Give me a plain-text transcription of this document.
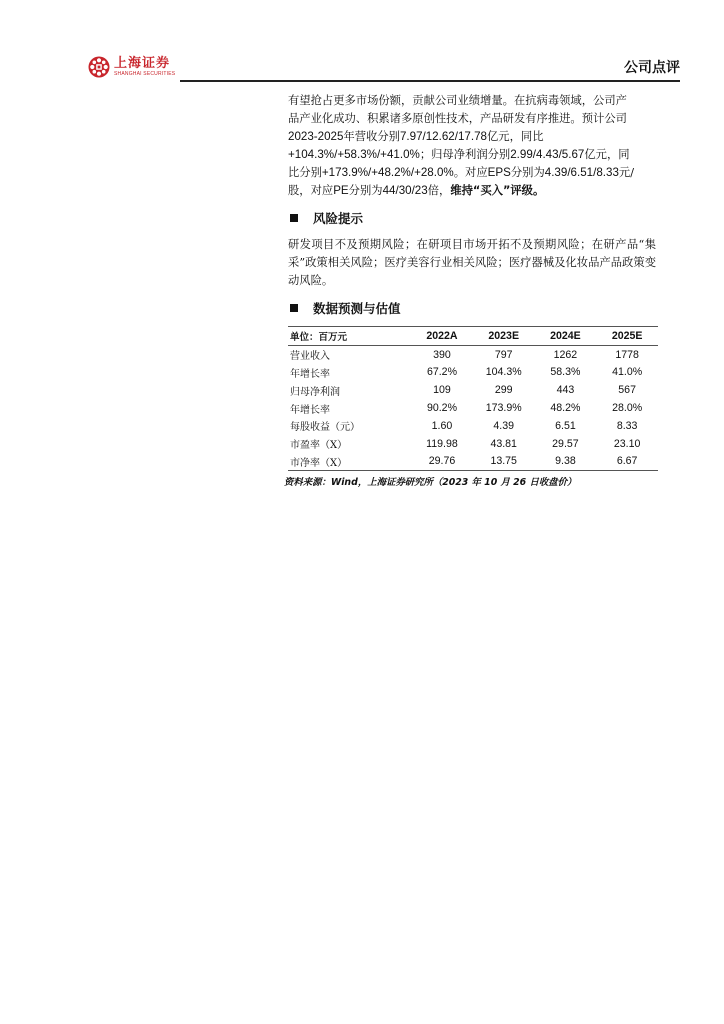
上海证券
SHANGHAI SECURITIES	公司点评

有望抢占更多市场份额，贡献公司业绩增量。在抗病毒领域，公司产
品产业化成功、积累诸多原创性技术，产品研发有序推进。预计公司

2023-2025年营收分别7.97/12.62/17.78亿元，同比
+104.3%/+58.3%/+41.0%；归母净利润分别2.99/4.43/5.67亿元，同
比分别+173.9%/+48.2%/+28.0%。对应EPS分别为4.39/6.51/8.33元/
股，对应PE分别为44/30/23倍，维持“买入”评级。

风险提示

研发项目不及预期风险；在研项目市场开拓不及预期风险；在研产品“集采”政策相关风险；医疗美容行业相关风险；医疗器械及化妆品产品政策变动风险。

数据预测与估值
单位：百万元	2022A	2023E	2024E	2025E
营业收入	390	797	1262	1778
年增长率	67.2%	104.3%	58.3%	41.0%
归母净利润	109	299	443	567
年增长率	90.2%	173.9%	48.2%	28.0%
每股收益（元）	1.60	4.39	6.51	8.33
市盈率（X）	119.98	43.81	29.57	23.10
市净率（X）	29.76	13.75	9.38	6.67
资料来源：Wind，上海证券研究所（2023 年 10 月 26 日收盘价）
